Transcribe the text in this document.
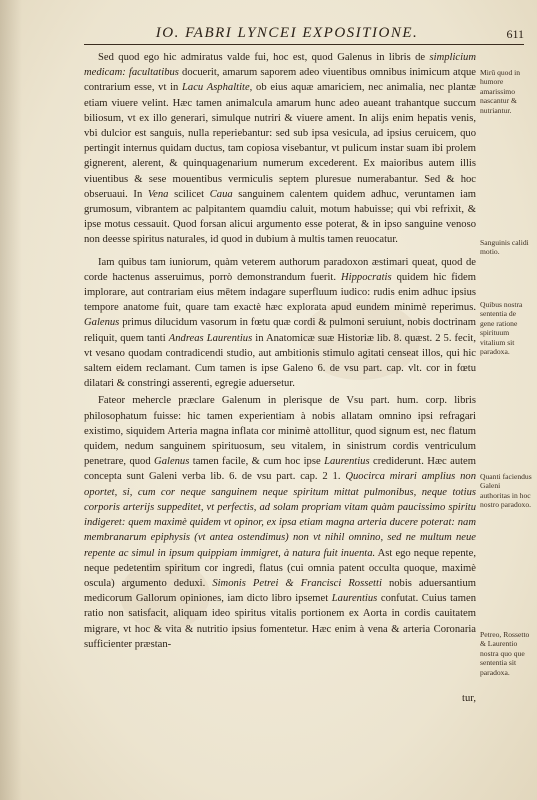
IO. FABRI LYNCEI EXPOSITIONE.	611

Sed quod ego hic admiratus valde fui, hoc est, quod Galenus in libris de simplicium medicam: facultatibus docuerit, amarum saporem adeo viuentibus omnibus inimicum atque contrarium esse, vt in Lacu Asphaltite, ob eius aquæ amariciem, nec animalia, nec plantæ etiam viuere velint. Hæc tamen animalcula amarum hunc adeo aueant trahantque succum biliosum, vt ex illo generari, simulque nutriri & viuere ament. In alijs enim hepatis venis, vbi dulcior est sanguis, nulla reperiebantur: sed sub ipsa vesicula, ad ipsius ceruicem, quo pertingit internus quidam ductus, tam copiosa visebantur, vt pulicum instar suam ibi prolem gignerent, alerent, & quinquagenarium numerum excederent. Ex maioribus autem illis viuentibus & sese mouentibus vermiculis septem pluresue numerabantur. Sed & hoc obseruaui. In Vena scilicet Caua sanguinem calentem quidem adhuc, veruntamen iam grumosum, vibrantem ac palpitantem quamdiu caluit, motum habuisse; qui vbi refrixit, & ipse motus cessauit. Quod forsan alicui argumento esse poterat, & in ipso sanguine venoso non deesse spiritus naturales, id quod in dubium à multis tamen reuocatur.

Iam quibus tam iuniorum, quàm veterem authorum paradoxon æstimari queat, quod de corde hactenus asseruimus, porrò demonstrandum fuerit. Hippocratis quidem hic fidem implorare, aut contrariam eius mētem indagare superfluum iudico: rudis enim adhuc ipsius tempore anatome fuit, quare tam exactè hæc explorata apud eundem minimè reperimus. Galenus primus dilucidum vasorum in fœtu quæ cordi & pulmoni seruiunt, nobis doctrinam reliquit, quem tanti Andreas Laurentius in Anatomicæ suæ Historiæ lib. 8. quæst. 2 5. fecit, vt vesano quodam contradicendi studio, aut ambitionis stimulo agitati censeat illos, qui hic saltem eidem reclamant. Cum tamen is ipse Galeno 6. de vsu part. cap. vlt. cor in fœtu dilatari & constringi asserenti, egregie aduersetur.

Fateor mehercle præclare Galenum in plerisque de Vsu part. hum. corp. libris philosophatum fuisse: hic tamen experientiam à nobis allatam omnino ipsi refragari existimo, siquidem Arteria magna inflata cor minimè attollitur, quod signum est, nec flatum quidem, nedum sanguinem spirituosum, seu vitalem, in sinistrum cordis ventriculum penetrare, quod Galenus tamen facile, & cum hoc ipse Laurentius crediderunt. Hæc autem concepta sunt Galeni verba lib. 6. de vsu part. cap. 2 1. Quocirca mirari amplius non oportet, si, cum cor neque sanguinem neque spiritum mittat pulmonibus, neque totius corporis arterijs suppeditet, vt perfectis, ad solam propriam vitam quàm paucissimo spiritu indigeret: quem maximè quidem vt opinor, ex ipsa etiam magna arteria ducere poterat: nam membranarum epiphysis (vt antea ostendimus) non vt nihil omnino, sed ne multum neue repente ac simul in ipsum quippiam immigret, à natura fuit inuenta. Ast ego neque repente, neque pedetentim spiritum cor ingredi, flatus (cui omnia patent occulta quoque, maximè oscula) argumento deduxi. Simonis Petrei & Francisci Rossetti nobis aduersantium medicorum Gallorum opiniones, iam dicto libro ipsemet Laurentius confutat. Cuius tamen ratio non satisfacit, aliquam ideo spiritus vitalis portionem ex Aorta in cordis cauitatem migrare, vt hoc & vita & nutritio ipsius fomentetur. Hæc enim à vena & arteria Coronaria sufficienter præstan-

Mirū quod in humore amarissimo nascantur & nutriantur.
Sanguinis calidi motio.
Quibus nostra sententia de gene ratione spirituum vitalium sit paradoxa.
Quanti faciendus Galeni authoritas in hoc nostro paradoxo.
Petreo, Rossetto & Laurentio nostra quo que sententia sit paradoxa.
tur,
